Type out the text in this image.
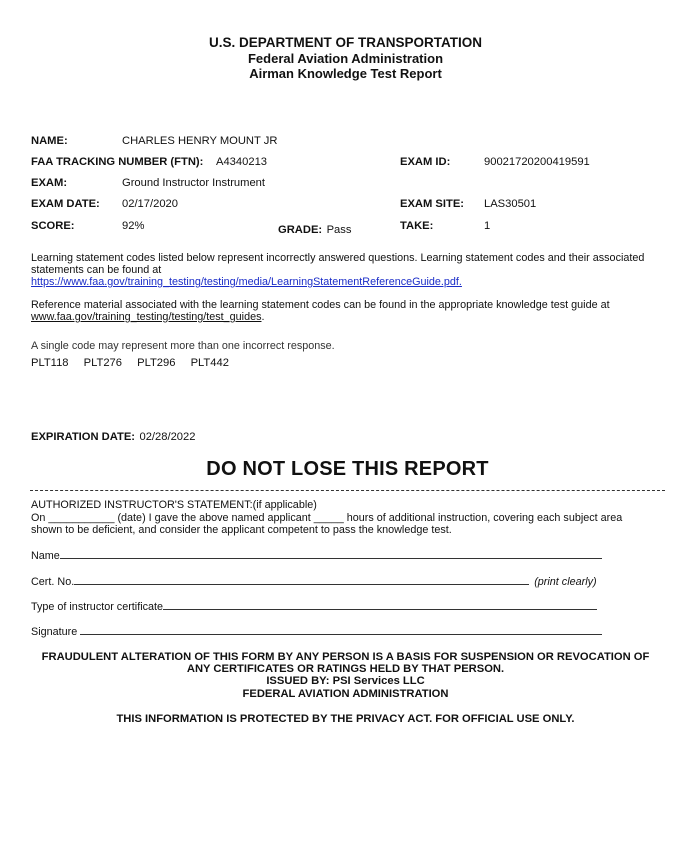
U.S. DEPARTMENT OF TRANSPORTATION
Federal Aviation Administration
Airman Knowledge Test Report
NAME:	CHARLES HENRY MOUNT JR
FAA TRACKING NUMBER (FTN): A4340213	EXAM ID:	90021720200419591
EXAM:	Ground Instructor Instrument
EXAM DATE: 02/17/2020	EXAM SITE: LAS30501
SCORE:	92%	GRADE: Pass	TAKE:	1
Learning statement codes listed below represent incorrectly answered questions. Learning statement codes and their associated statements can be found at
https://www.faa.gov/training_testing/testing/media/LearningStatementReferenceGuide.pdf.
Reference material associated with the learning statement codes can be found in the appropriate knowledge test guide at www.faa.gov/training_testing/testing/test_guides.
A single code may represent more than one incorrect response.
PLT118 PLT276 PLT296 PLT442
EXPIRATION DATE: 02/28/2022
DO NOT LOSE THIS REPORT
AUTHORIZED INSTRUCTOR'S STATEMENT:(if applicable)
On ___________ (date) I gave the above named applicant _____ hours of additional instruction, covering each subject area
shown to be deficient, and consider the applicant competent to pass the knowledge test.
Name
Cert. No.	(print clearly)
Type of instructor certificate
Signature
FRAUDULENT ALTERATION OF THIS FORM BY ANY PERSON IS A BASIS FOR SUSPENSION OR REVOCATION OF
ANY CERTIFICATES OR RATINGS HELD BY THAT PERSON.
ISSUED BY: PSI Services LLC
FEDERAL AVIATION ADMINISTRATION
THIS INFORMATION IS PROTECTED BY THE PRIVACY ACT. FOR OFFICIAL USE ONLY.
